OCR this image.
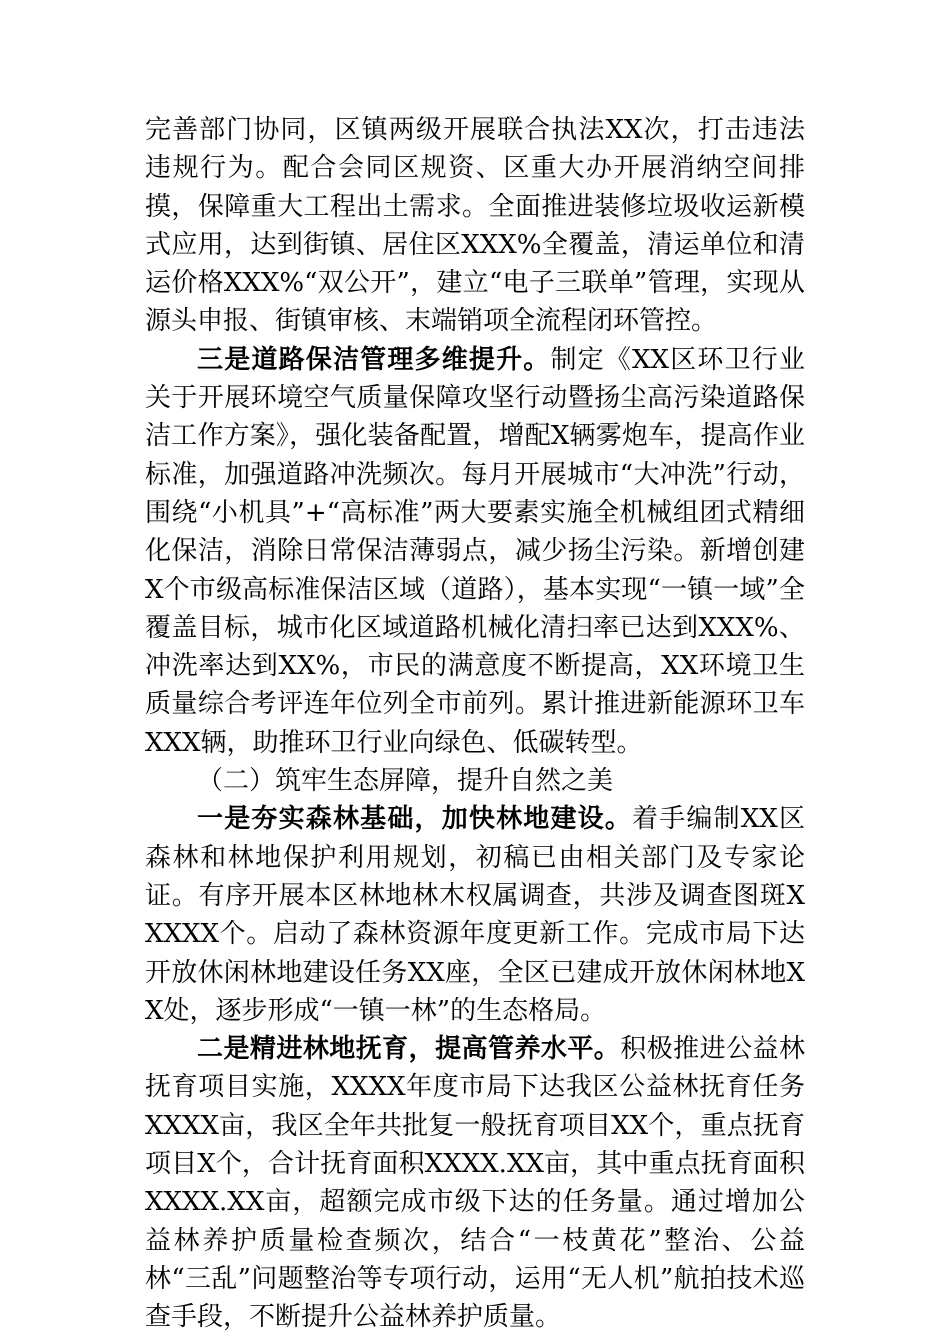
完善部门协同，区镇两级开展联合执法XX次，打击违法违规行为。配合会同区规资、区重大办开展消纳空间排摸，保障重大工程出土需求。全面推进装修垃圾收运新模式应用，达到街镇、居住区XXX%全覆盖，清运单位和清运价格XXX%“双公开”，建立“电子三联单”管理，实现从源头申报、街镇审核、末端销项全流程闭环管控。

三是道路保洁管理多维提升。制定《XX区环卫行业关于开展环境空气质量保障攻坚行动暨扬尘高污染道路保洁工作方案》，强化装备配置，增配X辆雾炮车，提高作业标准，加强道路冲洗频次。每月开展城市“大冲洗”行动，围绕“小机具”+“高标准”两大要素实施全机械组团式精细化保洁，消除日常保洁薄弱点，减少扬尘污染。新增创建X个市级高标准保洁区域（道路），基本实现“一镇一域”全覆盖目标，城市化区域道路机械化清扫率已达到XXX%、冲洗率达到XX%，市民的满意度不断提高，XX环境卫生质量综合考评连年位列全市前列。累计推进新能源环卫车XXX辆，助推环卫行业向绿色、低碳转型。

（二）筑牢生态屏障，提升自然之美

一是夯实森林基础，加快林地建设。着手编制XX区森林和林地保护利用规划，初稿已由相关部门及专家论证。有序开展本区林地林木权属调查，共涉及调查图斑XXXXX个。启动了森林资源年度更新工作。完成市局下达开放休闲林地建设任务XX座，全区已建成开放休闲林地XX处，逐步形成“一镇一林”的生态格局。

二是精进林地抚育，提高管养水平。积极推进公益林抚育项目实施，XXXX年度市局下达我区公益林抚育任务XXXX亩，我区全年共批复一般抚育项目XX个，重点抚育项目X个，合计抚育面积XXXX.XX亩，其中重点抚育面积XXXX.XX亩，超额完成市级下达的任务量。通过增加公益林养护质量检查频次，结合“一枝黄花”整治、公益林“三乱”问题整治等专项行动，运用“无人机”航拍技术巡查手段，不断提升公益林养护质量。
